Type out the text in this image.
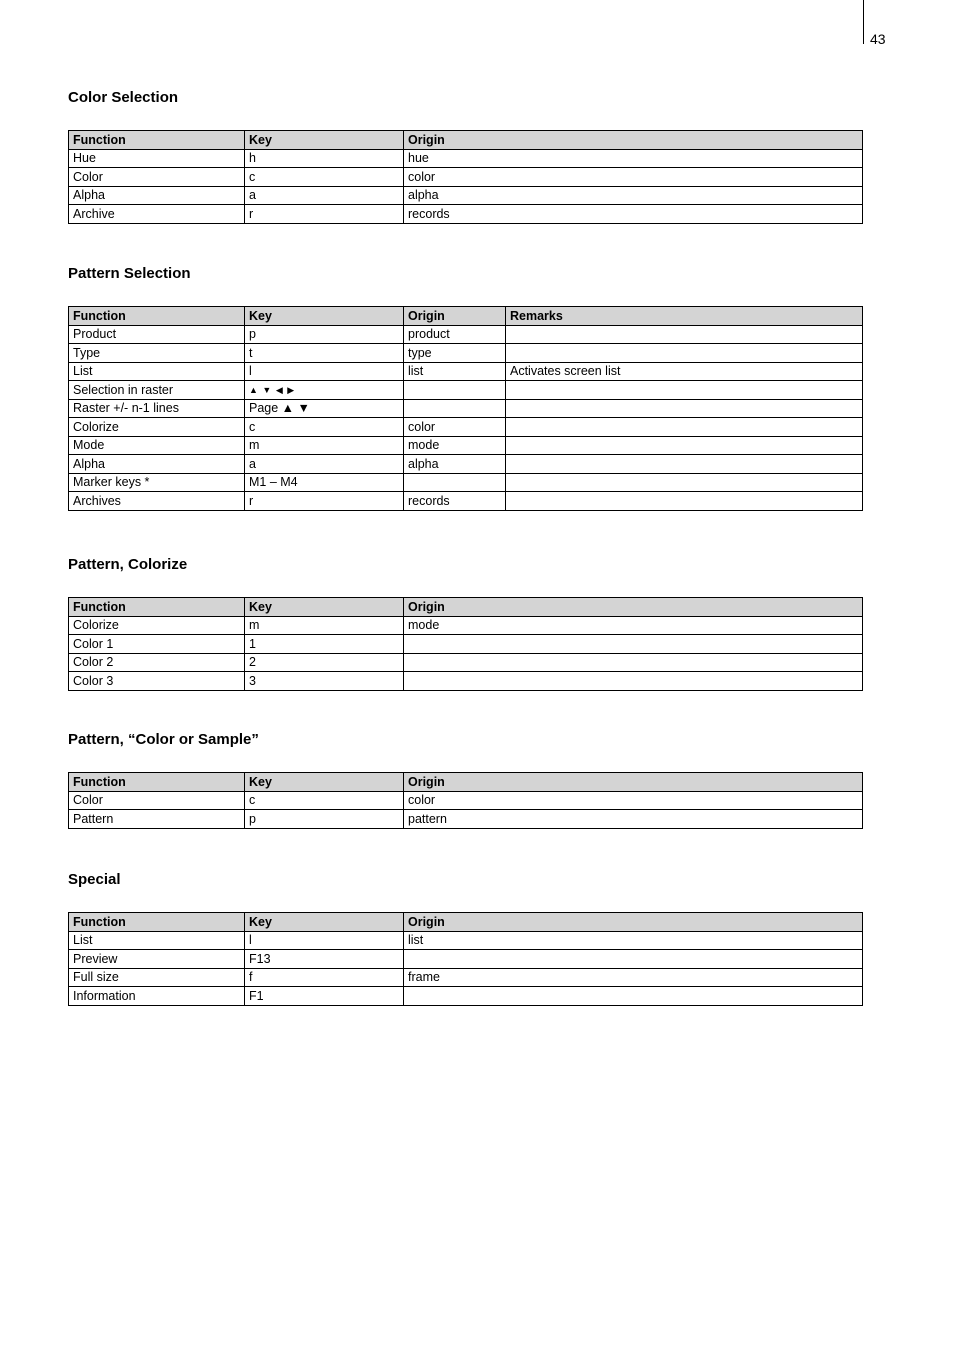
43
Color Selection
Function	Key	Origin
Hue	h	hue
Color	c	color
Alpha	a	alpha
Archive	r	records
Pattern Selection
Function	Key	Origin	Remarks
Product	p	product	
Type	t	type	
List	l	list	Activates screen list
Selection in raster	▲ ▼ ◀ ▶		
Raster +/- n-1 lines	Page ▲ ▼		
Colorize	c	color	
Mode	m	mode	
Alpha	a	alpha	
Marker keys *	M1 – M4		
Archives	r	records	
Pattern, Colorize
Function	Key	Origin
Colorize	m	mode
Color 1	1	
Color 2	2	
Color 3	3	
Pattern, “Color or Sample”
Function	Key	Origin
Color	c	color
Pattern	p	pattern
Special
Function	Key	Origin
List	l	list
Preview	F13	
Full size	f	frame
Information	F1	
